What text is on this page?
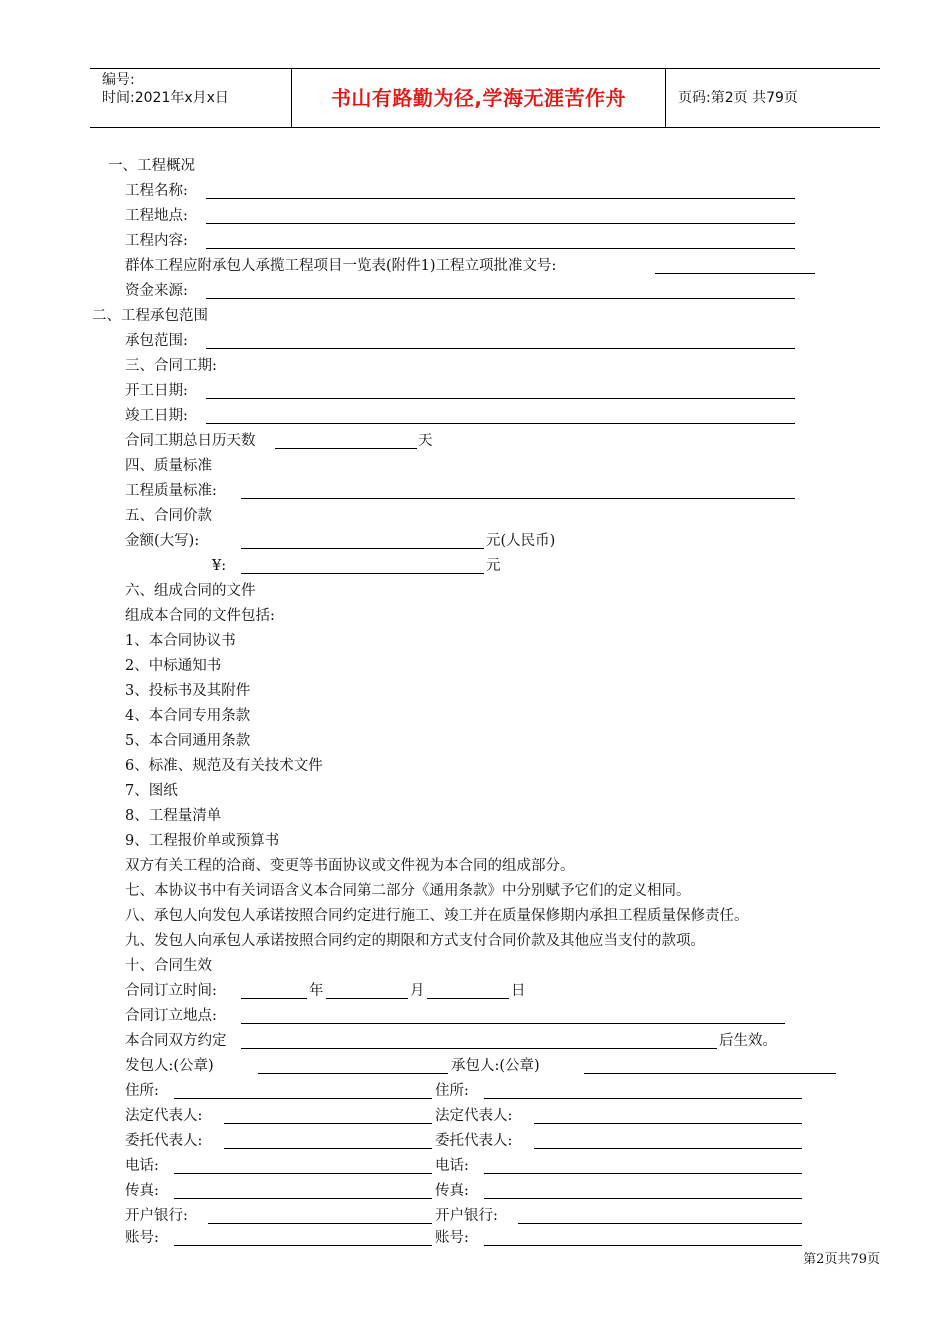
编号:
时间:2021年x月x日	书山有路勤为径,学海无涯苦作舟	页码:第2页 共79页
一、工程概况
工程名称:
工程地点:
工程内容:
群体工程应附承包人承揽工程项目一览表(附件1)工程立项批准文号:
资金来源:
二、工程承包范围
承包范围:
三、合同工期:
开工日期:
竣工日期:
合同工期总日历天数	天
四、质量标准
工程质量标准:
五、合同价款
金额(大写):	元(人民币)
¥:	元
六、组成合同的文件
组成本合同的文件包括:
1、本合同协议书
2、中标通知书
3、投标书及其附件
4、本合同专用条款
5、本合同通用条款
6、标准、规范及有关技术文件
7、图纸
8、工程量清单
9、工程报价单或预算书
双方有关工程的洽商、变更等书面协议或文件视为本合同的组成部分。
七、本协议书中有关词语含义本合同第二部分《通用条款》中分别赋予它们的定义相同。
八、承包人向发包人承诺按照合同约定进行施工、竣工并在质量保修期内承担工程质量保修责任。
九、发包人向承包人承诺按照合同约定的期限和方式支付合同价款及其他应当支付的款项。
十、合同生效
合同订立时间:	年	月	日
合同订立地点:
本合同双方约定	后生效。
发包人:(公章)	承包人:(公章)
住所:	住所:
法定代表人:	法定代表人:
委托代表人:	委托代表人:
电话:	电话:
传真:	传真:
开户银行:	开户银行:
账号:	账号:
第2页共79页
